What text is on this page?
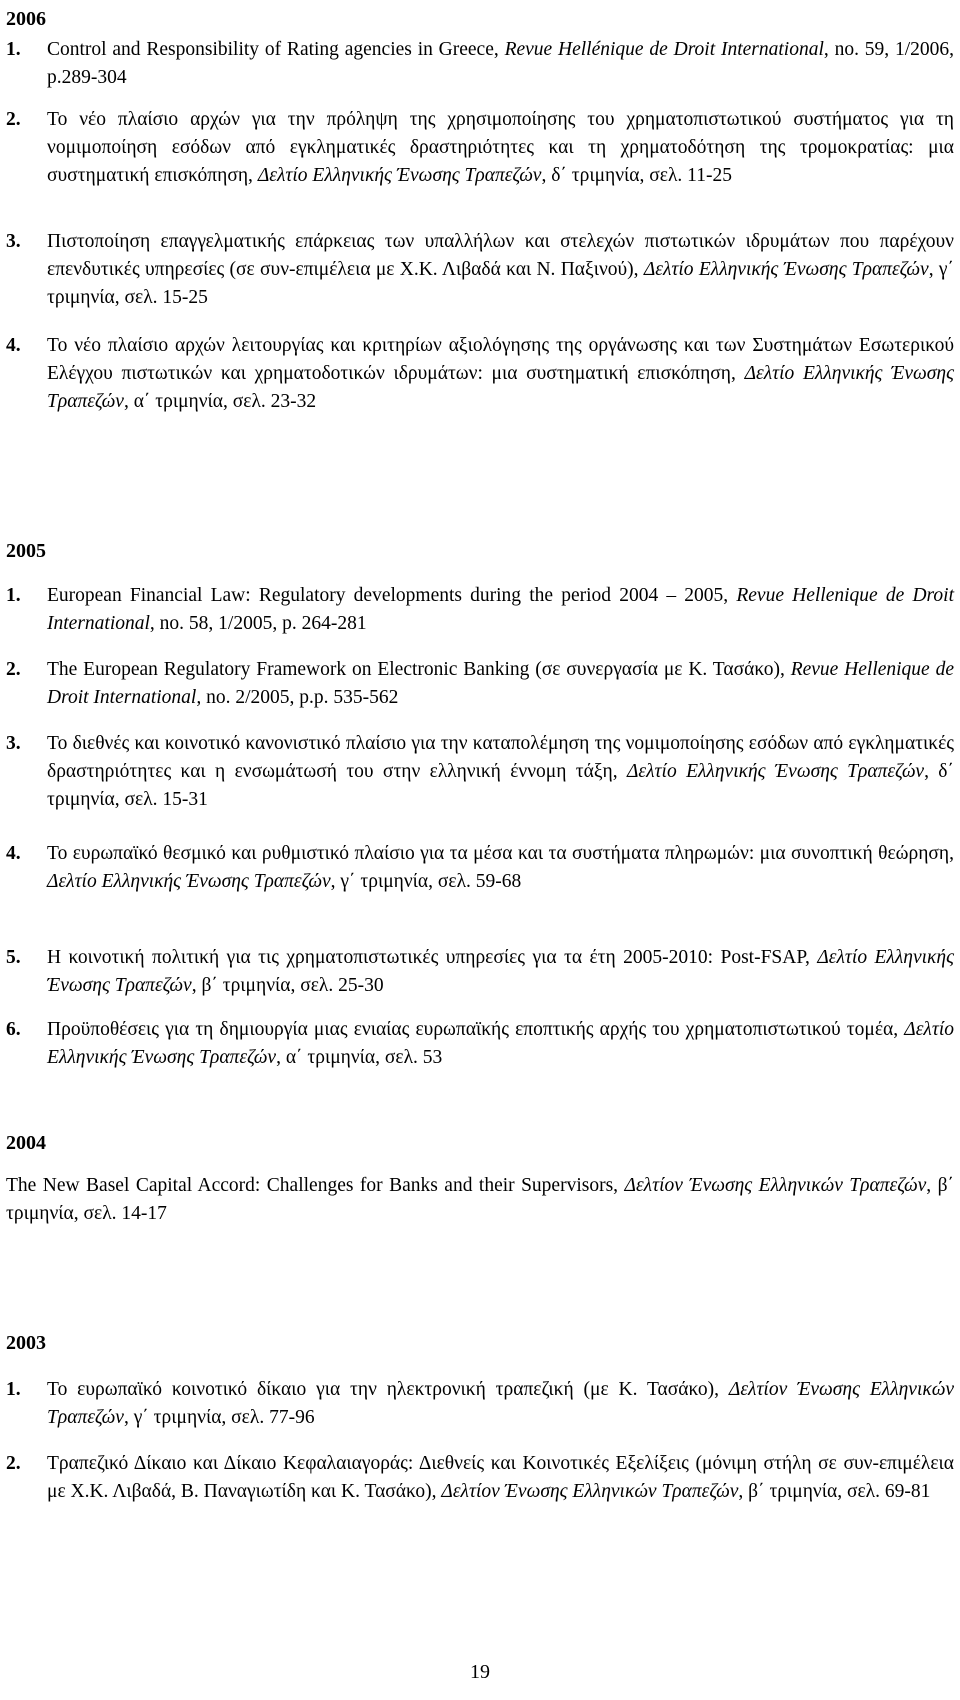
2006
1. Control and Responsibility of Rating agencies in Greece, Revue Hellénique de Droit International, no. 59, 1/2006, p.289-304
2. Το νέο πλαίσιο αρχών για την πρόληψη της χρησιμοποίησης του χρηματοπιστωτικού συστήματος για τη νομιμοποίηση εσόδων από εγκληματικές δραστηριότητες και τη χρηματοδότηση της τρομοκρατίας: μια συστηματική επισκόπηση, Δελτίο Ελληνικής Ένωσης Τραπεζών, δ΄ τριμηνία, σελ. 11-25
3. Πιστοποίηση επαγγελματικής επάρκειας των υπαλλήλων και στελεχών πιστωτικών ιδρυμάτων που παρέχουν επενδυτικές υπηρεσίες (σε συν-επιμέλεια με Χ.Κ. Λιβαδά και Ν. Παξινού), Δελτίο Ελληνικής Ένωσης Τραπεζών, γ΄ τριμηνία, σελ. 15-25
4. Το νέο πλαίσιο αρχών λειτουργίας και κριτηρίων αξιολόγησης της οργάνωσης και των Συστημάτων Εσωτερικού Ελέγχου πιστωτικών και χρηματοδοτικών ιδρυμάτων: μια συστηματική επισκόπηση, Δελτίο Ελληνικής Ένωσης Τραπεζών, α΄ τριμηνία, σελ. 23-32
2005
1. European Financial Law: Regulatory developments during the period 2004 – 2005, Revue Hellenique de Droit International, no. 58, 1/2005, p. 264-281
2. The European Regulatory Framework on Electronic Banking (σε συνεργασία με Κ. Τασάκο), Revue Hellenique de Droit International, no. 2/2005, p.p. 535-562
3. Το διεθνές και κοινοτικό κανονιστικό πλαίσιο για την καταπολέμηση της νομιμοποίησης εσόδων από εγκληματικές δραστηριότητες και η ενσωμάτωσή του στην ελληνική έννομη τάξη, Δελτίο Ελληνικής Ένωσης Τραπεζών, δ΄ τριμηνία, σελ. 15-31
4. Το ευρωπαϊκό θεσμικό και ρυθμιστικό πλαίσιο για τα μέσα και τα συστήματα πληρωμών: μια συνοπτική θεώρηση, Δελτίο Ελληνικής Ένωσης Τραπεζών, γ΄ τριμηνία, σελ. 59-68
5. Η κοινοτική πολιτική για τις χρηματοπιστωτικές υπηρεσίες για τα έτη 2005-2010: Post-FSAP, Δελτίο Ελληνικής Ένωσης Τραπεζών, β΄ τριμηνία, σελ. 25-30
6. Προϋποθέσεις για τη δημιουργία μιας ενιαίας ευρωπαϊκής εποπτικής αρχής του χρηματοπιστωτικού τομέα, Δελτίο Ελληνικής Ένωσης Τραπεζών, α΄ τριμηνία, σελ. 53
2004
The New Basel Capital Accord: Challenges for Banks and their Supervisors, Δελτίον Ένωσης Ελληνικών Τραπεζών, β΄ τριμηνία, σελ. 14-17
2003
1. Το ευρωπαϊκό κοινοτικό δίκαιο για την ηλεκτρονική τραπεζική (με Κ. Τασάκο), Δελτίον Ένωσης Ελληνικών Τραπεζών, γ΄ τριμηνία, σελ. 77-96
2. Τραπεζικό Δίκαιο και Δίκαιο Κεφαλαιαγοράς: Διεθνείς και Κοινοτικές Εξελίξεις (μόνιμη στήλη σε συν-επιμέλεια με Χ.Κ. Λιβαδά, Β. Παναγιωτίδη και Κ. Τασάκο), Δελτίον Ένωσης Ελληνικών Τραπεζών, β΄ τριμηνία, σελ. 69-81
19
